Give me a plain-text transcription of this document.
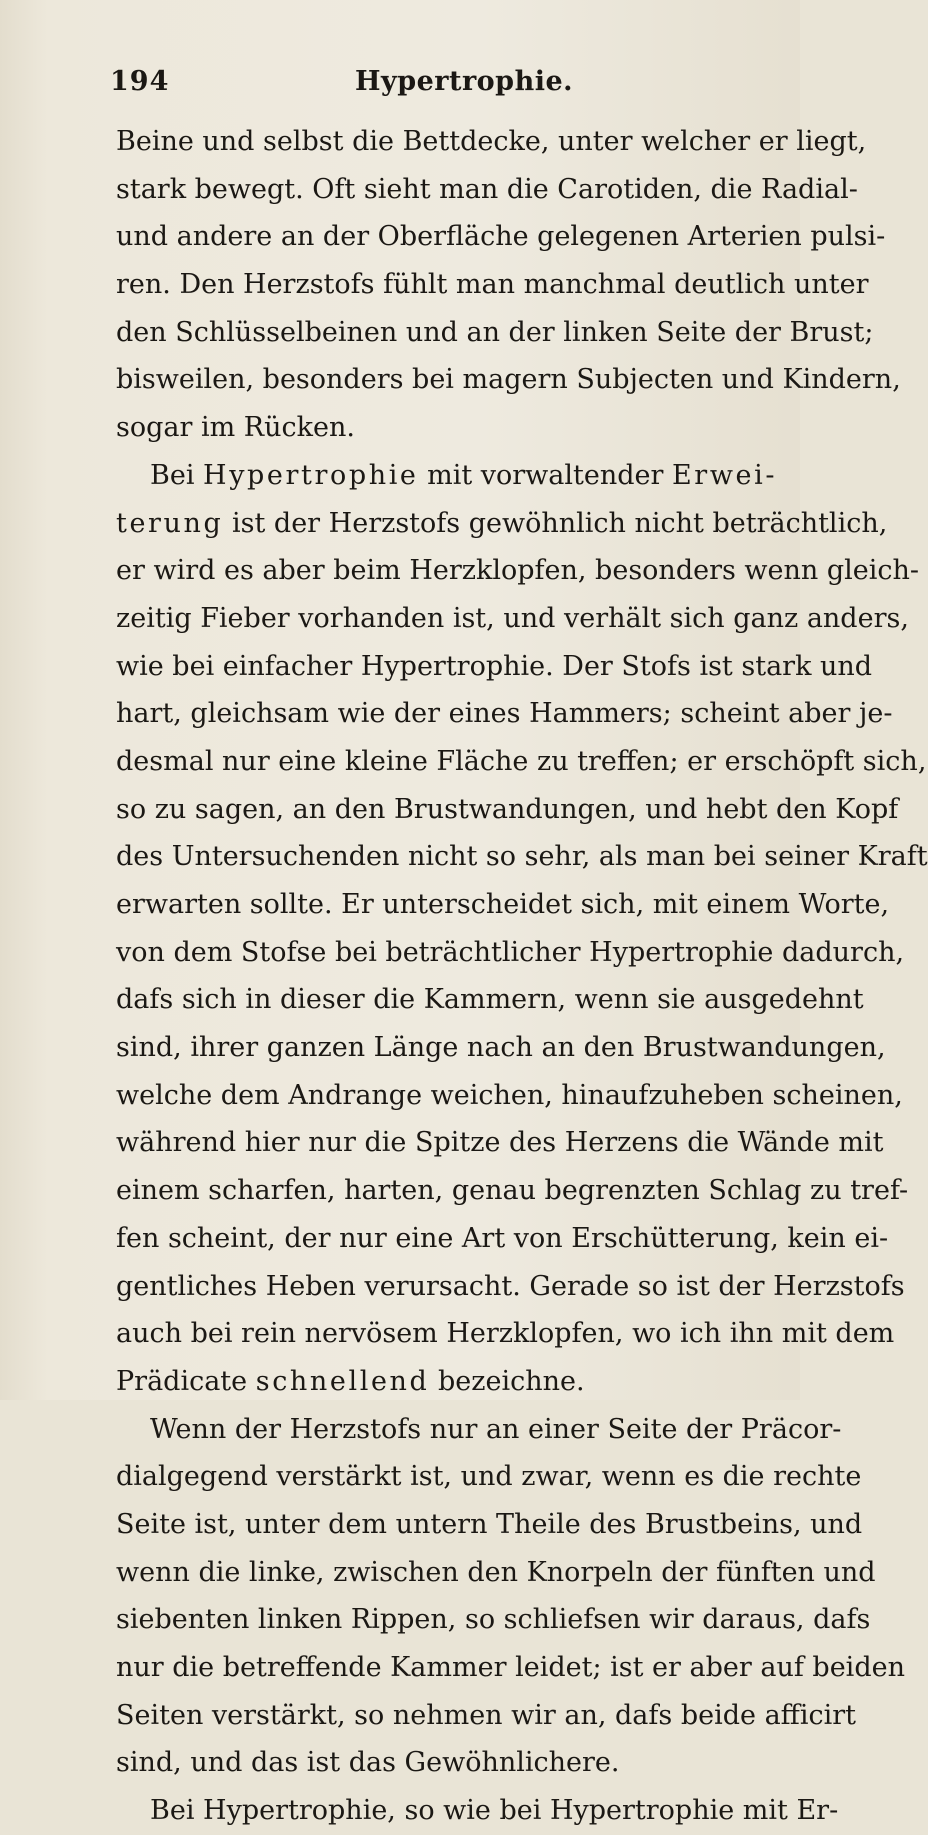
194	Hypertrophie.
Beine und selbst die Bettdecke, unter welcher er liegt,
stark bewegt. Oft sieht man die Carotiden, die Radial-
und andere an der Oberfläche gelegenen Arterien pulsi-
ren. Den Herzstofs fühlt man manchmal deutlich unter
den Schlüsselbeinen und an der linken Seite der Brust;
bisweilen, besonders bei magern Subjecten und Kindern,
sogar im Rücken.
Bei Hypertrophie mit vorwaltender Erwei-
terung ist der Herzstofs gewöhnlich nicht beträchtlich,
er wird es aber beim Herzklopfen, besonders wenn gleich-
zeitig Fieber vorhanden ist, und verhält sich ganz anders,
wie bei einfacher Hypertrophie. Der Stofs ist stark und
hart, gleichsam wie der eines Hammers; scheint aber je-
desmal nur eine kleine Fläche zu treffen; er erschöpft sich,
so zu sagen, an den Brustwandungen, und hebt den Kopf
des Untersuchenden nicht so sehr, als man bei seiner Kraft
erwarten sollte. Er unterscheidet sich, mit einem Worte,
von dem Stofse bei beträchtlicher Hypertrophie dadurch,
dafs sich in dieser die Kammern, wenn sie ausgedehnt
sind, ihrer ganzen Länge nach an den Brustwandungen,
welche dem Andrange weichen, hinaufzuheben scheinen,
während hier nur die Spitze des Herzens die Wände mit
einem scharfen, harten, genau begrenzten Schlag zu tref-
fen scheint, der nur eine Art von Erschütterung, kein ei-
gentliches Heben verursacht. Gerade so ist der Herzstofs
auch bei rein nervösem Herzklopfen, wo ich ihn mit dem
Prädicate schnellend bezeichne.
Wenn der Herzstofs nur an einer Seite der Präcor-
dialgegend verstärkt ist, und zwar, wenn es die rechte
Seite ist, unter dem untern Theile des Brustbeins, und
wenn die linke, zwischen den Knorpeln der fünften und
siebenten linken Rippen, so schliefsen wir daraus, dafs
nur die betreffende Kammer leidet; ist er aber auf beiden
Seiten verstärkt, so nehmen wir an, dafs beide afficirt
sind, und das ist das Gewöhnlichere.
Bei Hypertrophie, so wie bei Hypertrophie mit Er-
